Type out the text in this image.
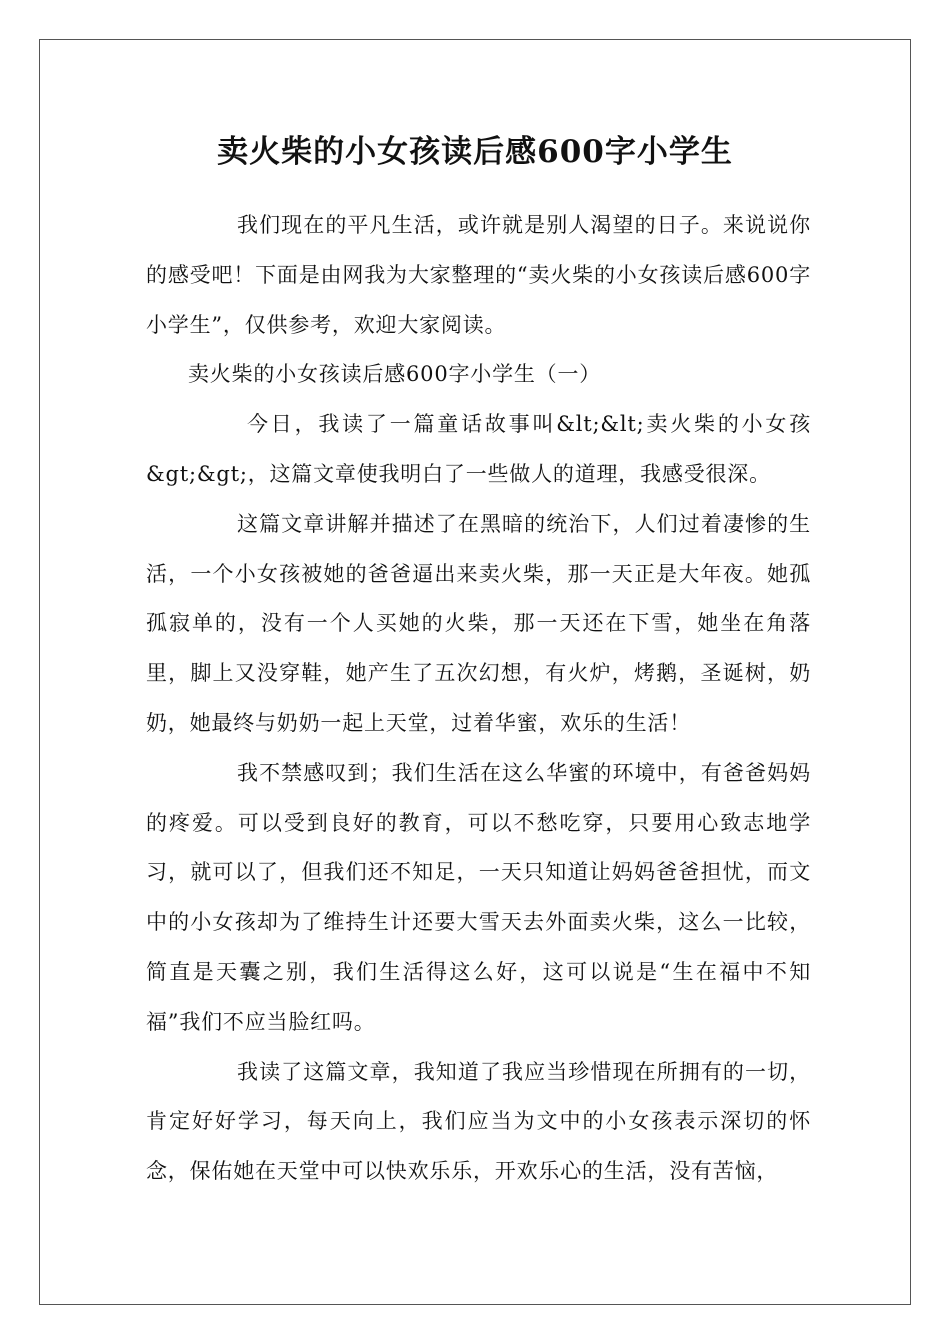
卖火柴的小女孩读后感600字小学生

我们现在的平凡生活，或许就是别人渴望的日子。来说说你的感受吧！下面是由网我为大家整理的“卖火柴的小女孩读后感600字小学生”，仅供参考，欢迎大家阅读。

卖火柴的小女孩读后感600字小学生（一）

今日，我读了一篇童话故事叫&lt;&lt;卖火柴的小女孩&gt;&gt;，这篇文章使我明白了一些做人的道理，我感受很深。

这篇文章讲解并描述了在黑暗的统治下，人们过着凄惨的生活，一个小女孩被她的爸爸逼出来卖火柴，那一天正是大年夜。她孤孤寂单的，没有一个人买她的火柴，那一天还在下雪，她坐在角落里，脚上又没穿鞋，她产生了五次幻想，有火炉，烤鹅，圣诞树，奶奶，她最终与奶奶一起上天堂，过着华蜜，欢乐的生活！

我不禁感叹到；我们生活在这么华蜜的环境中，有爸爸妈妈的疼爱。可以受到良好的教育，可以不愁吃穿，只要用心致志地学习，就可以了，但我们还不知足，一天只知道让妈妈爸爸担忧，而文中的小女孩却为了维持生计还要大雪天去外面卖火柴，这么一比较，简直是天囊之别，我们生活得这么好，这可以说是“生在福中不知福”我们不应当脸红吗。

我读了这篇文章，我知道了我应当珍惜现在所拥有的一切，肯定好好学习，每天向上，我们应当为文中的小女孩表示深切的怀念，保佑她在天堂中可以快欢乐乐，开欢乐心的生活，没有苦恼，
